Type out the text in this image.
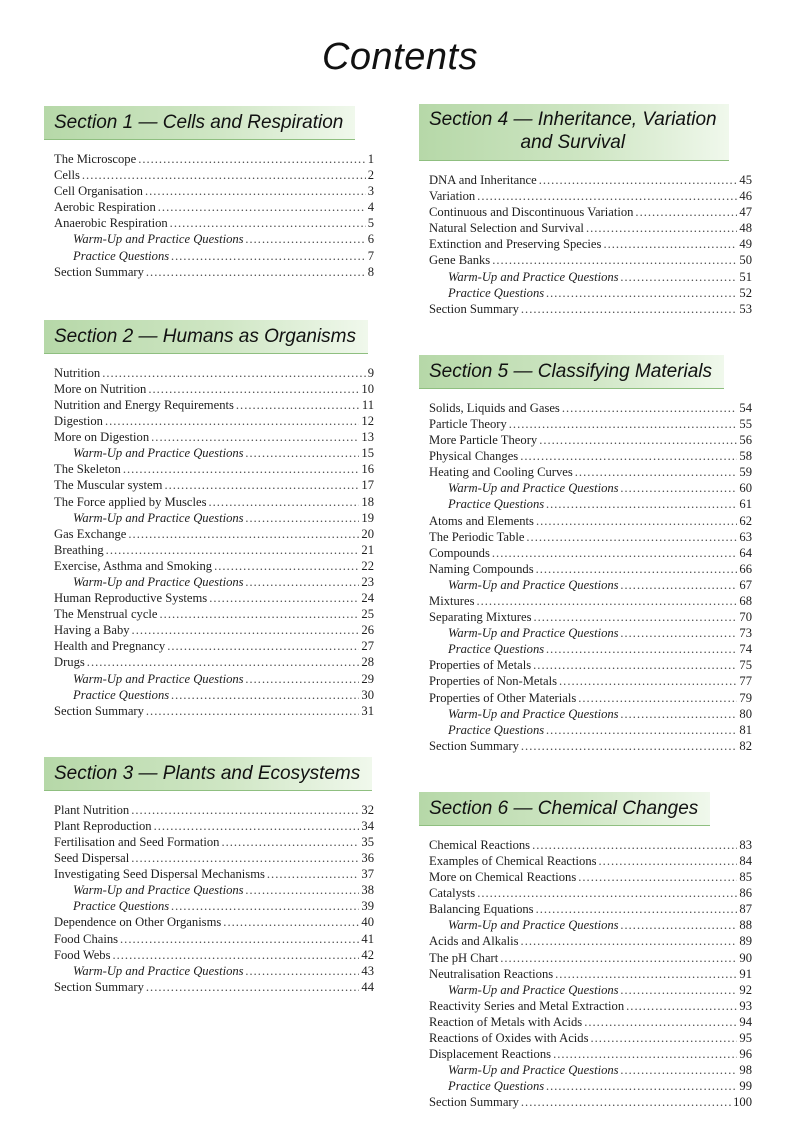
Contents
Section 1 — Cells and Respiration
The Microscope .....	1
Cells .....	2
Cell Organisation .....	3
Aerobic Respiration .....	4
Anaerobic Respiration .....	5
Warm-Up and Practice Questions .....	6
Practice Questions .....	7
Section Summary .....	8
Section 2 — Humans as Organisms
Nutrition .....	9
More on Nutrition .....	10
Nutrition and Energy Requirements .....	11
Digestion .....	12
More on Digestion .....	13
Warm-Up and Practice Questions .....	15
The Skeleton .....	16
The Muscular system .....	17
The Force applied by Muscles .....	18
Warm-Up and Practice Questions .....	19
Gas Exchange .....	20
Breathing .....	21
Exercise, Asthma and Smoking .....	22
Warm-Up and Practice Questions .....	23
Human Reproductive Systems .....	24
The Menstrual cycle .....	25
Having a Baby .....	26
Health and Pregnancy .....	27
Drugs .....	28
Warm-Up and Practice Questions .....	29
Practice Questions .....	30
Section Summary .....	31
Section 3 — Plants and Ecosystems
Plant Nutrition .....	32
Plant Reproduction .....	34
Fertilisation and Seed Formation .....	35
Seed Dispersal .....	36
Investigating Seed Dispersal Mechanisms .....	37
Warm-Up and Practice Questions .....	38
Practice Questions .....	39
Dependence on Other Organisms .....	40
Food Chains .....	41
Food Webs .....	42
Warm-Up and Practice Questions .....	43
Section Summary .....	44
Section 4 — Inheritance, Variation
and Survival
DNA and Inheritance .....	45
Variation .....	46
Continuous and Discontinuous Variation .....	47
Natural Selection and Survival .....	48
Extinction and Preserving Species .....	49
Gene Banks .....	50
Warm-Up and Practice Questions .....	51
Practice Questions .....	52
Section Summary .....	53
Section 5 — Classifying Materials
Solids, Liquids and Gases .....	54
Particle Theory .....	55
More Particle Theory .....	56
Physical Changes .....	58
Heating and Cooling Curves .....	59
Warm-Up and Practice Questions .....	60
Practice Questions .....	61
Atoms and Elements .....	62
The Periodic Table .....	63
Compounds .....	64
Naming Compounds .....	66
Warm-Up and Practice Questions .....	67
Mixtures .....	68
Separating Mixtures .....	70
Warm-Up and Practice Questions .....	73
Practice Questions .....	74
Properties of Metals .....	75
Properties of Non-Metals .....	77
Properties of Other Materials .....	79
Warm-Up and Practice Questions .....	80
Practice Questions .....	81
Section Summary .....	82
Section 6 — Chemical Changes
Chemical Reactions .....	83
Examples of Chemical Reactions .....	84
More on Chemical Reactions .....	85
Catalysts .....	86
Balancing Equations .....	87
Warm-Up and Practice Questions .....	88
Acids and Alkalis .....	89
The pH Chart .....	90
Neutralisation Reactions .....	91
Warm-Up and Practice Questions .....	92
Reactivity Series and Metal Extraction .....	93
Reaction of Metals with Acids .....	94
Reactions of Oxides with Acids .....	95
Displacement Reactions .....	96
Warm-Up and Practice Questions .....	98
Practice Questions .....	99
Section Summary .....	100
